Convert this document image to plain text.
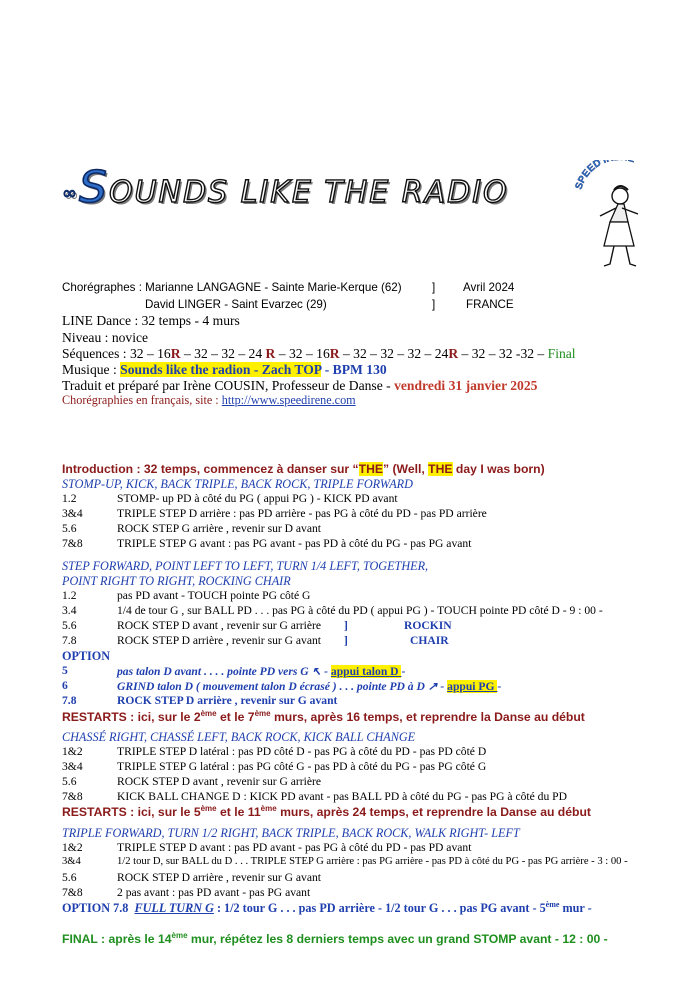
∞SOUNDS LIKE THE RADIO	SPEED'I
Chorégraphes : Marianne LANGAGNE - Sainte Marie-Kerque (62)	] Avril 2024
David LINGER - Saint Evarzec (29)	]	FRANCE
LINE Dance : 32 temps - 4 murs
Niveau : novice
Séquences : 32 – 16R – 32 – 32 – 24 R – 32 – 16R – 32 – 32 – 32 – 24R – 32 – 32 -32 – Final
Musique : Sounds like the radion - Zach TOP - BPM 130
Traduit et préparé par Irène COUSIN, Professeur de Danse - vendredi 31 janvier 2025
Chorégraphies en français, site : http://www.speedirene.com
Introduction : 32 temps, commencez à danser sur “THE” (Well, THE day I was born)
STOMP-UP, KICK, BACK TRIPLE, BACK ROCK, TRIPLE FORWARD
1.2	STOMP- up PD à côté du PG ( appui PG ) - KICK PD avant
3&4	TRIPLE STEP D arrière : pas PD arrière - pas PG à côté du PD - pas PD arrière
5.6	ROCK STEP G arrière , revenir sur D avant
7&8	TRIPLE STEP G avant : pas PG avant - pas PD à côté du PG - pas PG avant
STEP FORWARD, POINT LEFT TO LEFT, TURN 1/4 LEFT, TOGETHER,
POINT RIGHT TO RIGHT, ROCKING CHAIR
1.2	pas PD avant - TOUCH pointe PG côté G
3.4	1/4 de tour G , sur BALL PD . . . pas PG à côté du PD ( appui PG ) - TOUCH pointe PD côté D - 9 : 00 -
5.6	ROCK STEP D avant , revenir sur G arrière ]	ROCKIN
7.8	ROCK STEP D arrière , revenir sur G avant ]	CHAIR
OPTION
5	pas talon D avant . . . . pointe PD vers G ↖ - appui talon D -
6	GRIND talon D ( mouvement talon D écrasé ) . . . pointe PD à D ↗ - appui PG -
7.8	ROCK STEP D arrière , revenir sur G avant
RESTARTS : ici, sur le 2ème et le 7ème murs, après 16 temps, et reprendre la Danse au début
CHASSÉ RIGHT, CHASSÉ LEFT, BACK ROCK, KICK BALL CHANGE
1&2	TRIPLE STEP D latéral : pas PD côté D - pas PG à côté du PD - pas PD côté D
3&4	TRIPLE STEP G latéral : pas PG côté G - pas PD à côté du PG - pas PG côté G
5.6	ROCK STEP D avant , revenir sur G arrière
7&8	KICK BALL CHANGE D : KICK PD avant - pas BALL PD à côté du PG - pas PG à côté du PD
RESTARTS : ici, sur le 5ème et le 11ème murs, après 24 temps, et reprendre la Danse au début
TRIPLE FORWARD, TURN 1/2 RIGHT, BACK TRIPLE, BACK ROCK, WALK RIGHT- LEFT
1&2	TRIPLE STEP D avant : pas PD avant - pas PG à côté du PD - pas PD avant
3&4	1/2 tour D, sur BALL du D . . . TRIPLE STEP G arrière : pas PG arrière - pas PD à côté du PG - pas PG arrière - 3 : 00 -
5.6	ROCK STEP D arrière , revenir sur G avant
7&8	2 pas avant : pas PD avant - pas PG avant
OPTION 7.8 FULL TURN G : 1/2 tour G . . . pas PD arrière - 1/2 tour G . . . pas PG avant - 5ème mur -
FINAL : après le 14ème mur, répétez les 8 derniers temps avec un grand STOMP avant - 12 : 00 -
